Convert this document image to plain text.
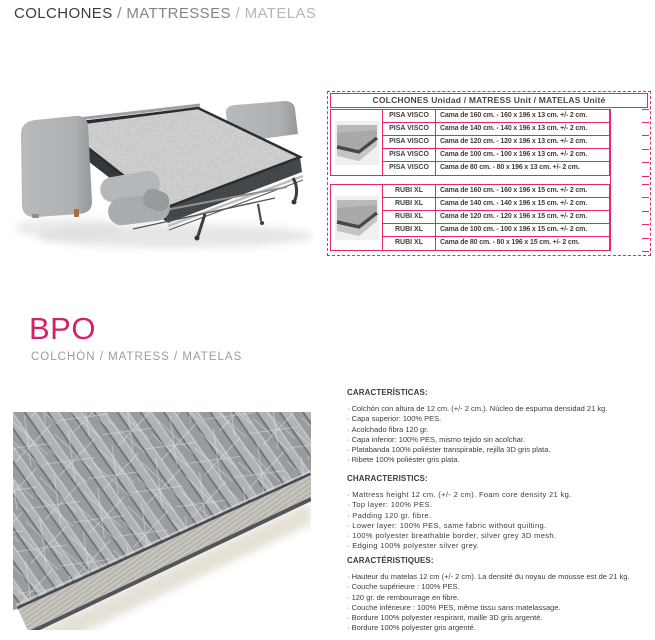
COLCHONES / MATTRESSES / MATELAS
COLCHONES Unidad / MATRESS Unit / MATELAS Unité
PISA VISCO	Cama de 160 cm. - 160 x 196 x 13 cm. +/- 2 cm.
PISA VISCO	Cama de 140 cm. - 140 x 196 x 13 cm. +/- 2 cm.
PISA VISCO	Cama de 120 cm. - 120 x 196 x 13 cm. +/- 2 cm.
PISA VISCO	Cama de 100 cm. - 100 x 196 x 13 cm. +/- 2 cm.
PISA VISCO	Cama de 80 cm. - 80 x 196 x 13 cm. +/- 2 cm.
RUBI XL	Cama de 160 cm. - 160 x 196 x 15 cm. +/- 2 cm.
RUBI XL	Cama de 140 cm. - 140 x 196 x 15 cm. +/- 2 cm.
RUBI XL	Cama de 120 cm. - 120 x 196 x 15 cm. +/- 2 cm.
RUBI XL	Cama de 100 cm. - 100 x 196 x 15 cm. +/- 2 cm.
RUBI XL	Cama de 80 cm. - 80 x 196 x 15 cm. +/- 2 cm.
BPO
COLCHÓN / MATRESS / MATELAS
CARACTERÍSTICAS:
· Colchón con altura de 12 cm. (+/- 2 cm.). Núcleo de espuma densidad 21 kg.
· Capa superior: 100% PES.
· Acolchado fibra 120 gr.
· Capa inferior: 100% PES, mismo tejido sin acolchar.
· Platabanda 100% poliéster transpirable, rejilla 3D gris plata.
· Ribete 100% poliéster gris plata.
CHARACTERISTICS:
· Mattress height 12 cm. (+/- 2 cm). Foam core density 21 kg.
· Top layer: 100% PES.
· Padding 120 gr. fibre.
· Lower layer: 100% PES, same fabric without quilting.
· 100% polyester breathable border, silver grey 3D mesh.
· Edging 100% polyester silver grey.
CARACTÉRISTIQUES:
· Hauteur du matelas 12 cm (+/- 2 cm). La densité du noyau de mousse est de 21 kg.
· Couche supérieure : 100% PES.
· 120 gr. de rembourrage en fibre.
· Couche inférieure : 100% PES, même tissu sans matelassage.
· Bordure 100% polyester respirant, maille 3D gris argenté.
· Bordure 100% polyester gris argenté.
